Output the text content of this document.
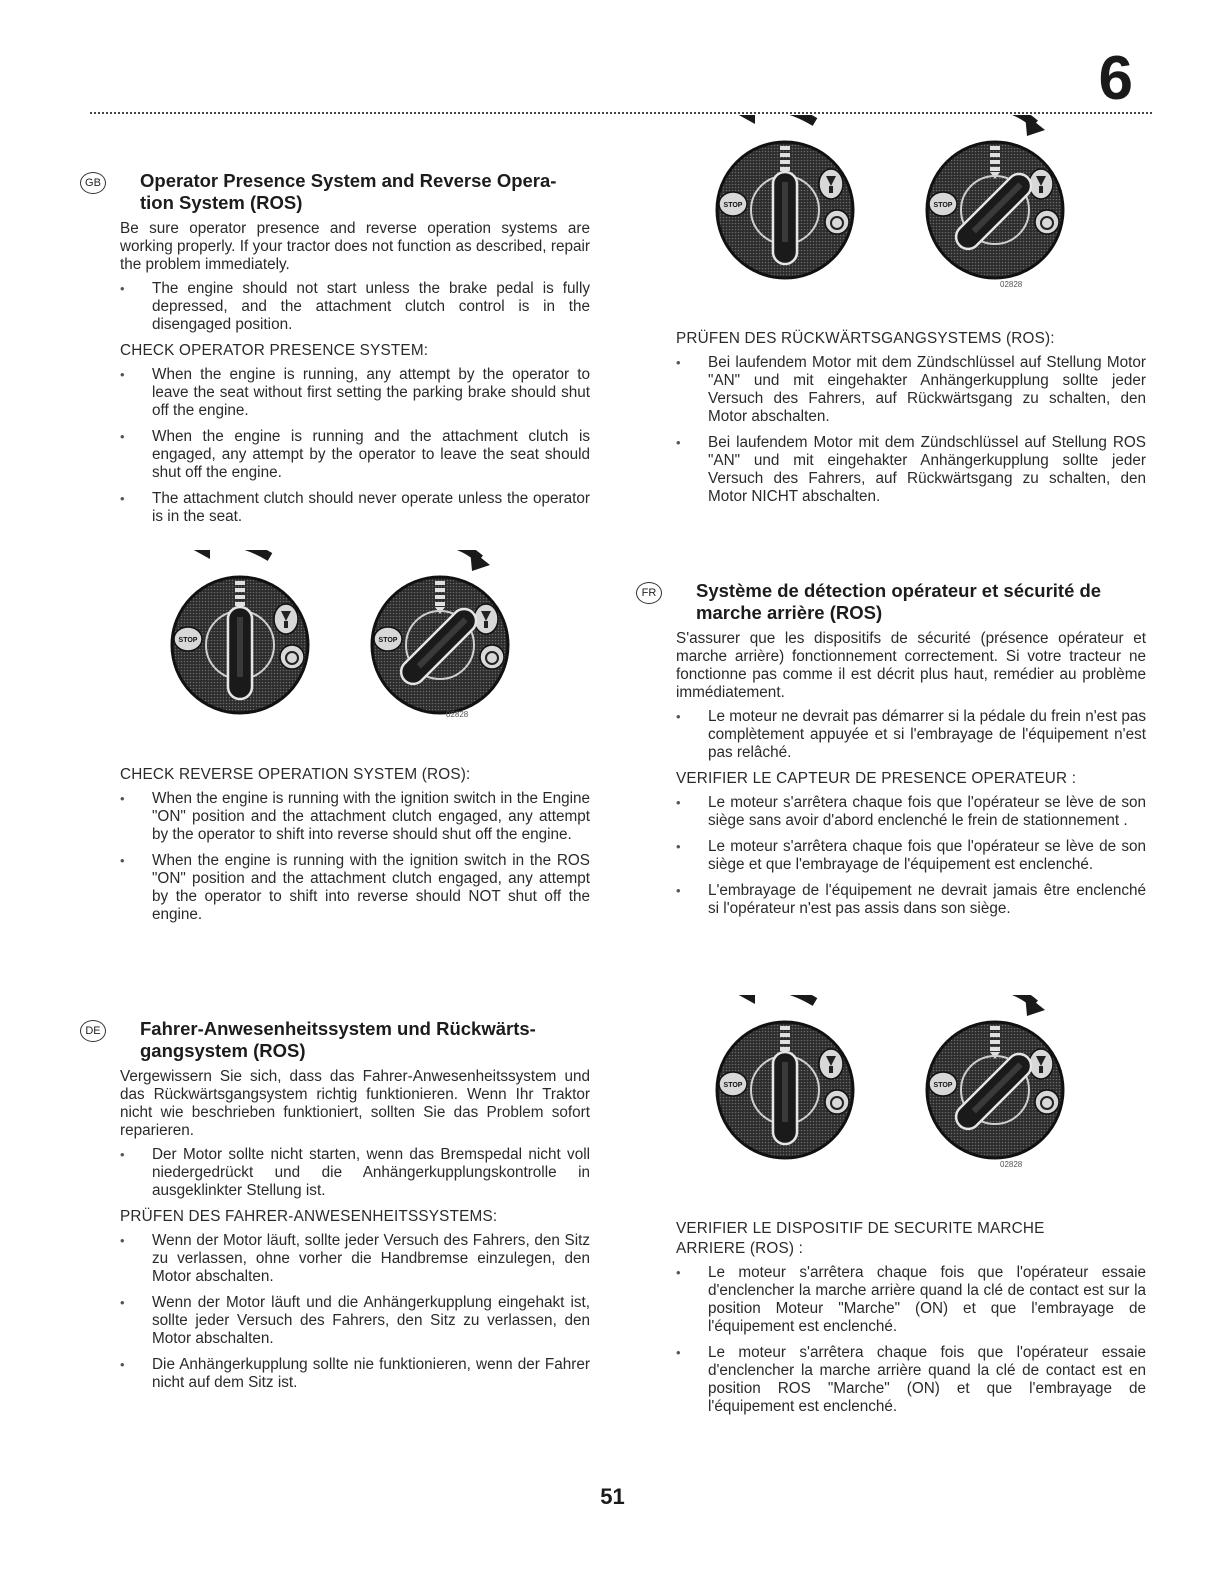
6
GB Operator Presence System and Reverse Opera-

tion System (ROS)

Be sure operator presence and reverse operation systems are working properly. If your tractor does not function as described, repair the problem immediately.

• The engine should not start unless the brake pedal is fully depressed, and the attachment clutch control is in the disengaged position.

CHECK OPERATOR PRESENCE SYSTEM:

• When the engine is running, any attempt by the operator to leave the seat without first setting the parking brake should shut off the engine.
• When the engine is running and the attachment clutch is engaged, any attempt by the operator to leave the seat should shut off the engine.
• The attachment clutch should never operate unless the operator is in the seat.
STOP	STOP
02828

CHECK REVERSE OPERATION SYSTEM (ROS):

• When the engine is running with the ignition switch in the Engine "ON" position and the attachment clutch engaged, any attempt by the operator to shift into reverse should shut off the engine.
• When the engine is running with the ignition switch in the ROS "ON" position and the attachment clutch engaged, any attempt by the operator to shift into reverse should NOT shut off the engine.
DE Fahrer-Anwesenheitssystem und Rückwärts-

gangsystem (ROS)

Vergewissern Sie sich, dass das Fahrer-Anwesenheitssystem und das Rückwärtsgangsystem richtig funktionieren. Wenn Ihr Traktor nicht wie beschrieben funktioniert, sollten Sie das Problem sofort reparieren.

• Der Motor sollte nicht starten, wenn das Bremspedal nicht voll niedergedrückt und die Anhängerkupplungskontrolle in ausgeklinkter Stellung ist.

PRÜFEN DES FAHRER-ANWESENHEITSSYSTEMS:

• Wenn der Motor läuft, sollte jeder Versuch des Fahrers, den Sitz zu verlassen, ohne vorher die Handbremse einzulegen, den Motor abschalten.
• Wenn der Motor läuft und die Anhängerkupplung eingehakt ist, sollte jeder Versuch des Fahrers, den Sitz zu verlassen, den Motor abschalten.
• Die Anhängerkupplung sollte nie funktionieren, wenn der Fahrer nicht auf dem Sitz ist.
STOP	STOP
02828

PRÜFEN DES RÜCKWÄRTSGANGSYSTEMS (ROS):

• Bei laufendem Motor mit dem Zündschlüssel auf Stellung Motor "AN" und mit eingehakter Anhängerkupplung sollte jeder Versuch des Fahrers, auf Rückwärtsgang zu schalten, den Motor abschalten.
• Bei laufendem Motor mit dem Zündschlüssel auf Stellung ROS "AN" und mit eingehakter Anhängerkupplung sollte jeder Versuch des Fahrers, auf Rückwärtsgang zu schalten, den Motor NICHT abschalten.
FR	Système de détection opérateur et sécurité de

marche arrière (ROS)

S'assurer que les dispositifs de sécurité (présence opérateur et marche arrière) fonctionnement correctement. Si votre tracteur ne fonctionne pas comme il est décrit plus haut, remédier au problème immédiatement.

• Le moteur ne devrait pas démarrer si la pédale du frein n'est pas complètement appuyée et si l'embrayage de l'équipement n'est pas relâché.

VERIFIER LE CAPTEUR DE PRESENCE OPERATEUR :

• Le moteur s'arrêtera chaque fois que l'opérateur se lève de son siège sans avoir d'abord enclenché le frein de stationnement .
• Le moteur s'arrêtera chaque fois que l'opérateur se lève de son siège et que l'embrayage de l'équipement est enclenché.
• L'embrayage de l'équipement ne devrait jamais être enclenché si l'opérateur n'est pas assis dans son siège.
STOP	STOP
02828

VERIFIER LE DISPOSITIF DE SECURITE MARCHE

ARRIERE (ROS) :

• Le moteur s'arrêtera chaque fois que l'opérateur essaie d'enclencher la marche arrière quand la clé de contact est sur la position Moteur "Marche" (ON) et que l'embrayage de l'équipement est enclenché.
• Le moteur s'arrêtera chaque fois que l'opérateur essaie d'enclencher la marche arrière quand la clé de contact est en position ROS "Marche" (ON) et que l'embrayage de l'équipement est enclenché.
51
